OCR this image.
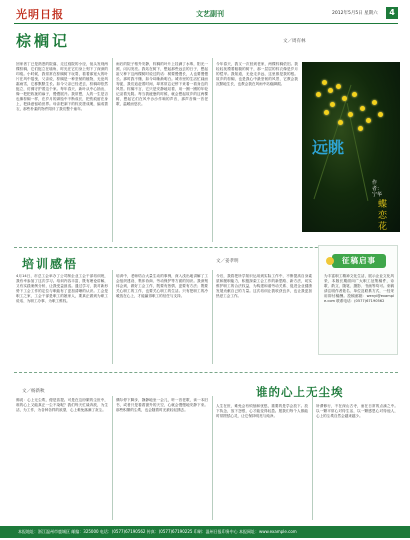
光明日报	文艺副刊	2012年5月5日 星期六	4
棕榈记	文／周有林
回家者丁已是熟悉的院落，走过庭院的小径，低头发现两棵棕榈，它们挺立在墙角，时光在它们身上刻下了深深的印痕。小时候，我常常在棕榈树下玩耍，看着那宽大的叶片在风中摇曳，父亲说，棕榈是一种坚韧的植物，无论风霜雨雪，它都默默生长。如今父亲已经老去，棕榈却依然挺立，仿佛守护着这个家。每年春天，新叶从中心抽出，像一把把收拢的扇子，慢慢展开。我常想，人的一生是否也像棕榈一样，在岁月的剥蚀中不断成长，把伤痕留在身上，把绿意留给世界。母亲把剥下的棕皮搓成绳，编成蓑衣，那些朴素的物件陪伴了我们整个童年。
雨后的院子格外安静，棕榈的叶片上挂满了水珠，阳光一照，闪闪发亮。我站在树下，想起那些远去的日子，想起祖父种下这两棵树时说过的话：树要慢慢长，人也要慢慢长。那时我不懂，如今却渐渐明白。城市里的生活忙碌而匆促，我们追赶着时间，却常常忘记停下来看一看身边的风景。棕榈不言，它只是安静地站着，用一圈一圈的年轮记录着光阴。每当我疲惫的时候，就会想起故乡的这两棵树，想起它们在风中沙沙作响的声音，那声音像一首老歌，温暖而悠长。
今年春天，我又一次回到老家，两棵棕榈依旧。我轻轻抚摸着粗糙的树干，那一层层的棕衣像是岁月的铠甲。我知道，无论走多远，这里都是我的根。故乡的棕榈，也是我心中最坚韧的风景，它教会我沉默地生长，也教会我在风雨中站稳脚跟。
远眺
作者：宁华
蝶恋花
培训感悟	文／姜孝明
4月14日，市总工会举办了公司制企业工会干部培训班，我有幸参加了这次学习。培训内容丰富，既有理论讲解，又有实践案例分析，让我受益匪浅。通过学习，我对新形势下工会工作的定位与职能有了更加清晰的认识。工会是职工之家，工会干部是职工的娘家人，要真正做到为职工说话、为职工办事、为职工维权。
培训中，老师结合大量生动的事例，深入浅出地讲解了工会组织建设、集体协商、劳动保护等方面的知识。我深刻体会到，做好工会工作，既要有热情，更要有方法；既要关心职工的工作，也要关心职工的生活。只有把职工的冷暖放在心上，才能赢得职工的信任与支持。
今后，我将把所学知识运用到实际工作中，不断提高自身素质和履职能力，积极探索工会工作的新思路、新方法，切实维护职工的合法权益，为构建和谐劳动关系、促进企业健康发展贡献自己的力量。这次培训让我收获良多，也让我更加热爱工会工作。
征稿启事
为丰富职工精神文化生活，展示企业文化风采，本版长期面向广大职工征集稿件，诗歌、散文、随笔、摄影、书画等均可。来稿请注明作者姓名、单位及联系方式，一经采用即付稿酬。投稿邮箱：wenyi@example.com 联系电话：(0577)67190562
文／杨新秋	谁的心上无尘埃
佛说：心上无尘埃，便是菩提。可是在这纷繁的尘世中，谁的心上又能真正一尘不染呢？我们每天忙碌奔波，为生活，为工作，为各种各样的欲望，心上难免落满了灰尘。
偶尔停下脚步，静静地坐一会儿，听一首老歌，读一本旧书，或者只是看看窗外的天空，心就会慢慢地安静下来。那些积攒的尘埃，也会随着时光被轻轻拂去。
人生在世，难免会有烦恼和忧愁，重要的是学会放下。放下执念，放下怨恨，心才能变得轻盈。愿我们每个人都能时常擦拭心灵，让它保持明亮与纯净。
所谓修行，不在深山古寺，而在日常的点滴之中。以一颗平常心对待生活，以一颗感恩心对待他人，心上的尘埃自然会越来越少。
本报地址：浙江温州市鹿城区 邮编：325000 电话：(0577)67190562 传真：(0577)67190225 印刷：温州日报印务中心 本报网址：www.example.com
